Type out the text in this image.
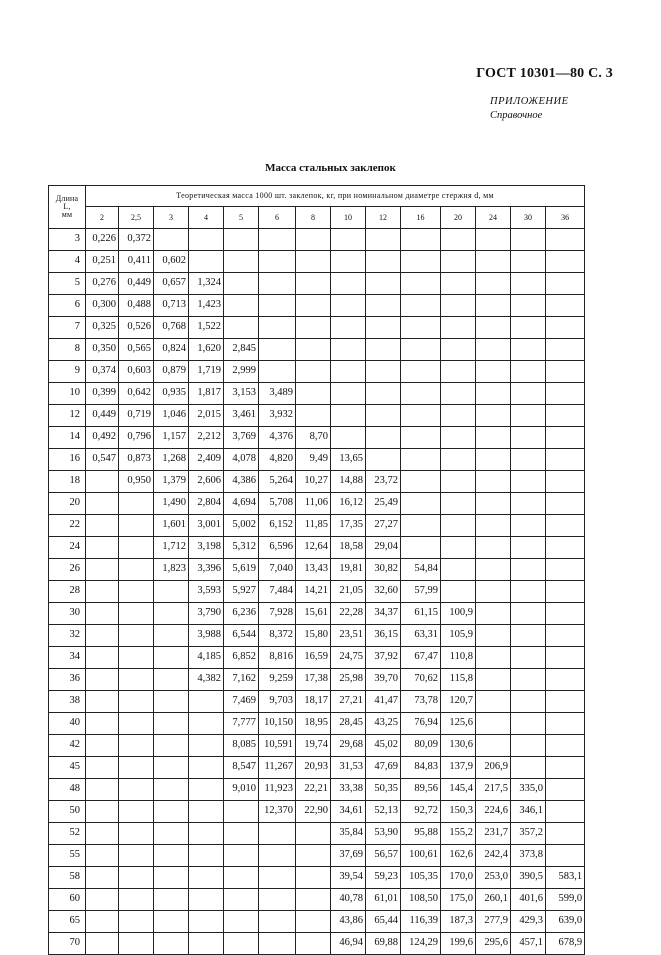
ГОСТ 10301—80 С. 3
ПРИЛОЖЕНИЕ
Справочное
Масса стальных заклепок
Длина
L,
мм	Теоретическая масса 1000 шт. заклепок, кг, при номинальном диаметре стержня d, мм													
	2	2,5	3	4	5	6	8	10	12	16	20	24	30	36
3	0,226	0,372												
4	0,251	0,411	0,602											
5	0,276	0,449	0,657	1,324										
6	0,300	0,488	0,713	1,423										
7	0,325	0,526	0,768	1,522										
8	0,350	0,565	0,824	1,620	2,845									
9	0,374	0,603	0,879	1,719	2,999									
10	0,399	0,642	0,935	1,817	3,153	3,489								
12	0,449	0,719	1,046	2,015	3,461	3,932								
14	0,492	0,796	1,157	2,212	3,769	4,376	8,70							
16	0,547	0,873	1,268	2,409	4,078	4,820	9,49	13,65						
18		0,950	1,379	2,606	4,386	5,264	10,27	14,88	23,72					
20			1,490	2,804	4,694	5,708	11,06	16,12	25,49					
22			1,601	3,001	5,002	6,152	11,85	17,35	27,27					
24			1,712	3,198	5,312	6,596	12,64	18,58	29,04					
26			1,823	3,396	5,619	7,040	13,43	19,81	30,82	54,84				
28				3,593	5,927	7,484	14,21	21,05	32,60	57,99				
30				3,790	6,236	7,928	15,61	22,28	34,37	61,15	100,9			
32				3,988	6,544	8,372	15,80	23,51	36,15	63,31	105,9			
34				4,185	6,852	8,816	16,59	24,75	37,92	67,47	110,8			
36				4,382	7,162	9,259	17,38	25,98	39,70	70,62	115,8			
38					7,469	9,703	18,17	27,21	41,47	73,78	120,7			
40					7,777	10,150	18,95	28,45	43,25	76,94	125,6			
42					8,085	10,591	19,74	29,68	45,02	80,09	130,6			
45					8,547	11,267	20,93	31,53	47,69	84,83	137,9	206,9		
48					9,010	11,923	22,21	33,38	50,35	89,56	145,4	217,5	335,0	
50						12,370	22,90	34,61	52,13	92,72	150,3	224,6	346,1	
52								35,84	53,90	95,88	155,2	231,7	357,2	
55								37,69	56,57	100,61	162,6	242,4	373,8	
58								39,54	59,23	105,35	170,0	253,0	390,5	583,1
60								40,78	61,01	108,50	175,0	260,1	401,6	599,0
65								43,86	65,44	116,39	187,3	277,9	429,3	639,0
70								46,94	69,88	124,29	199,6	295,6	457,1	678,9
